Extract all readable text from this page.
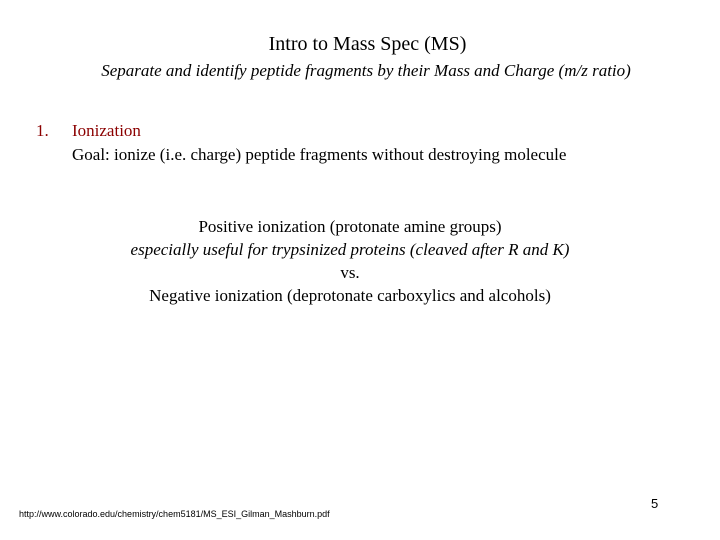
Intro to Mass Spec (MS)
Separate and identify peptide fragments by their Mass and Charge (m/z ratio)
1. Ionization
Goal: ionize (i.e. charge) peptide fragments without destroying molecule
Positive ionization (protonate amine groups)
especially useful for trypsinized proteins (cleaved after R and K)
vs.
Negative ionization (deprotonate carboxylics and alcohols)
http://www.colorado.edu/chemistry/chem5181/MS_ESI_Gilman_Mashburn.pdf
5
